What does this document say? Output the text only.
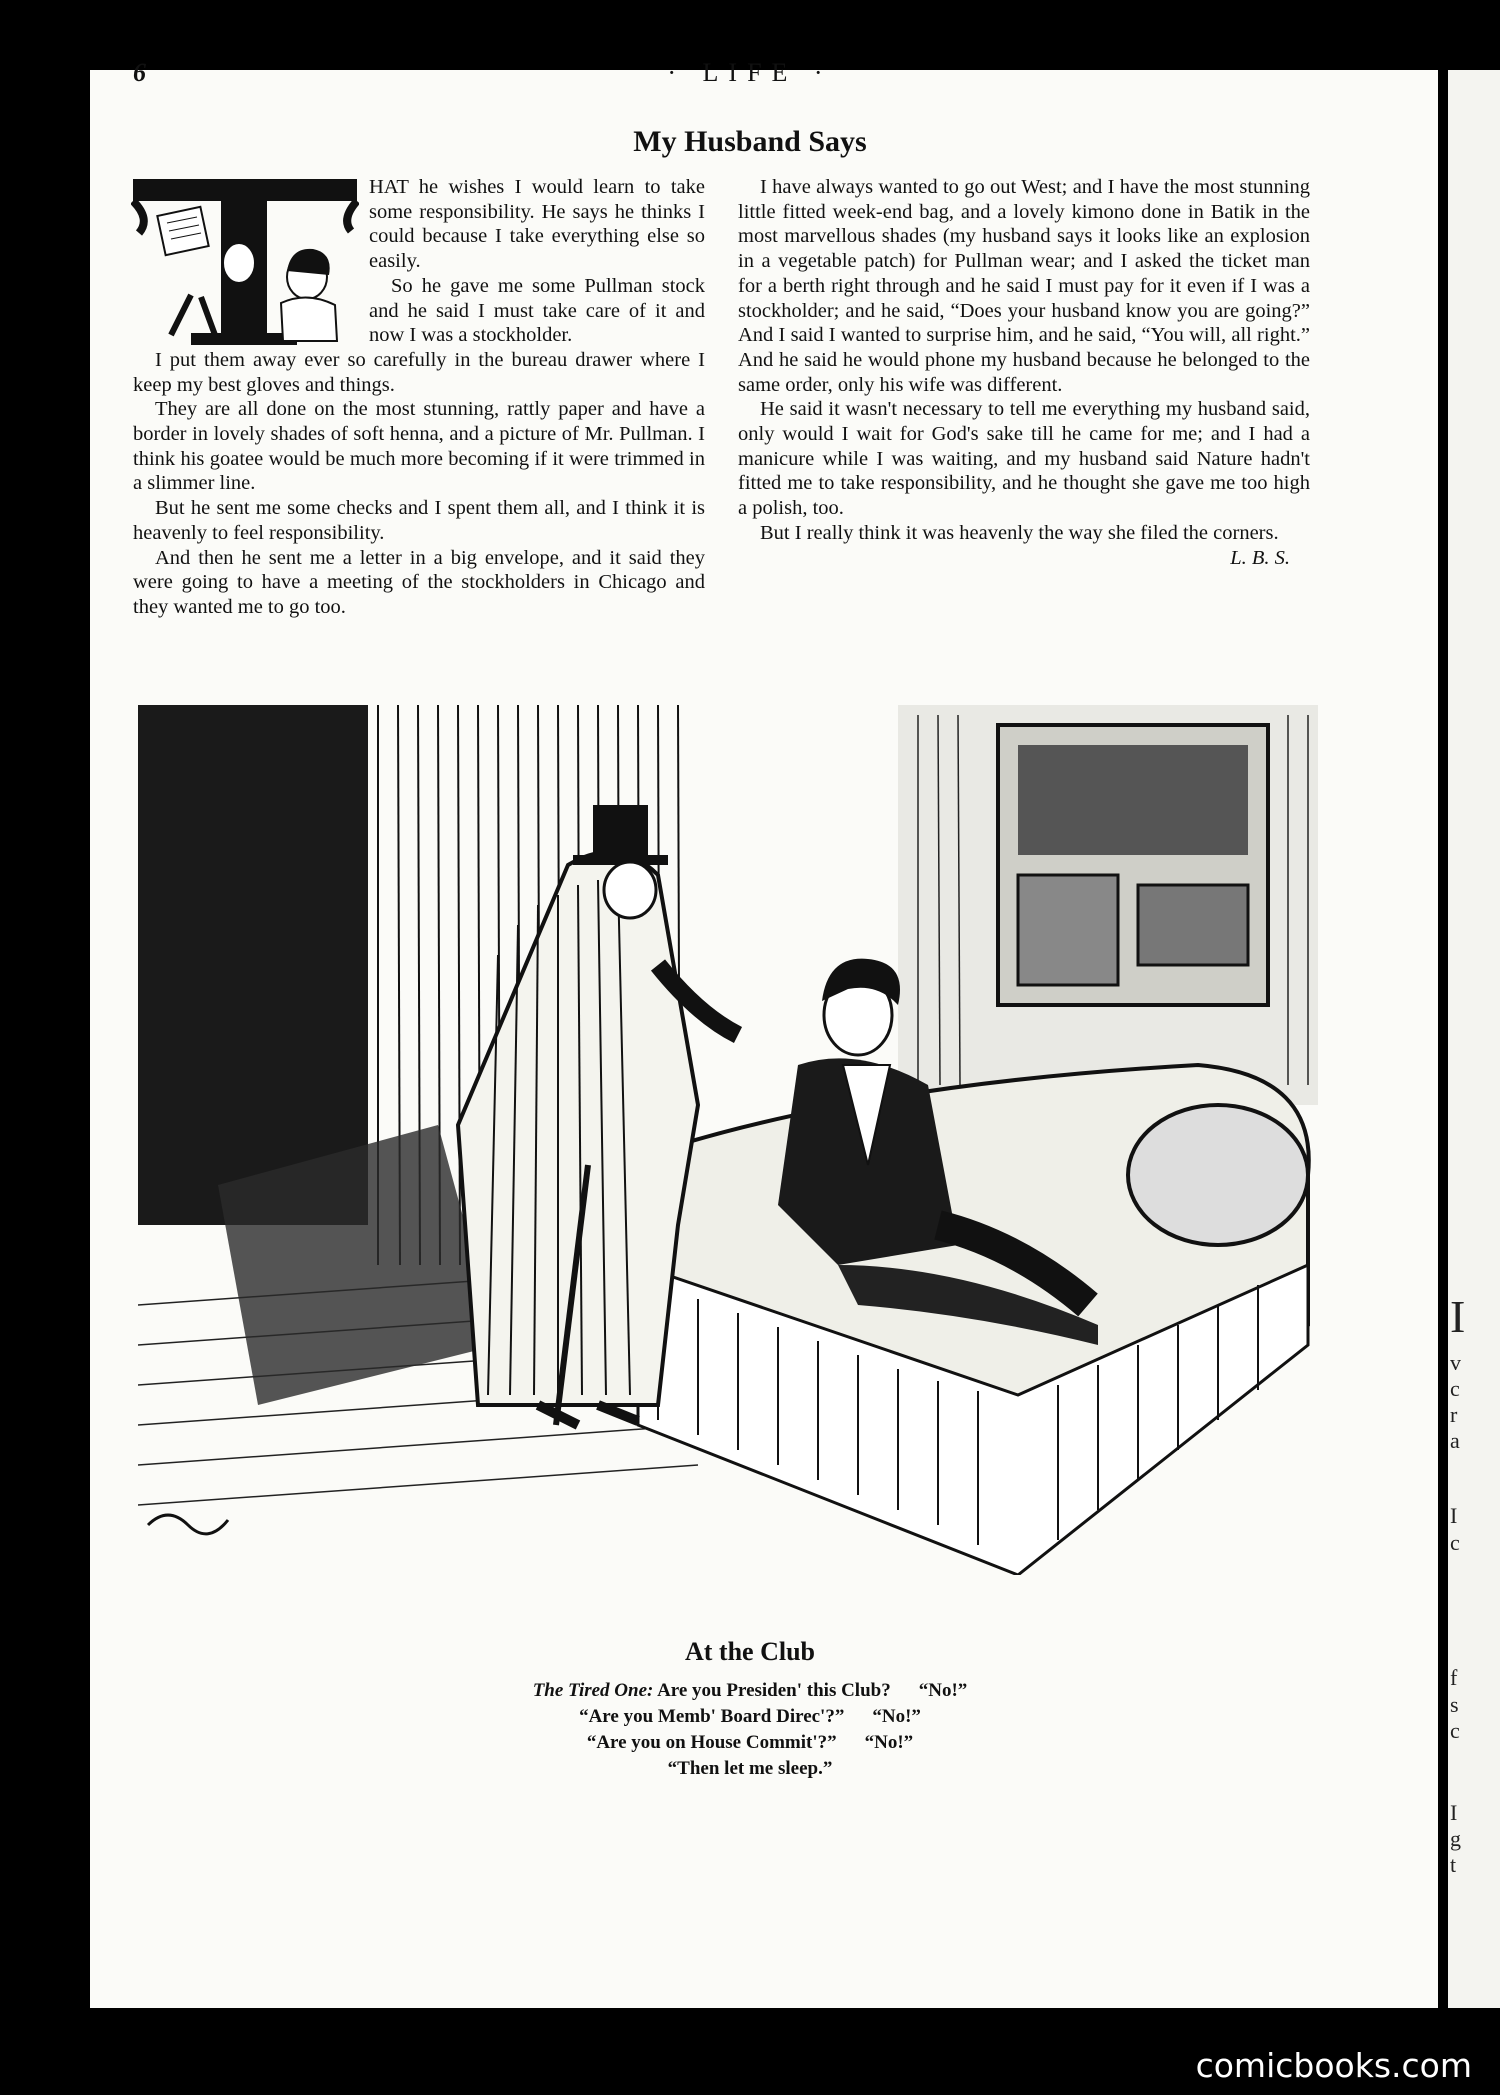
6	· LIFE ·
My Husband Says

HAT he wishes I would learn to take some responsibility. He says he thinks I could because I take everything else so easily.

So he gave me some Pullman stock and he said I must take care of it and now I was a stockholder.

I put them away ever so carefully in the bureau drawer where I keep my best gloves and things.

They are all done on the most stunning, rattly paper and have a border in lovely shades of soft henna, and a picture of Mr. Pullman. I think his goatee would be much more becoming if it were trimmed in a slimmer line.

But he sent me some checks and I spent them all, and I think it is heavenly to feel responsibility.

And then he sent me a letter in a big envelope, and it said they were going to have a meeting of the stockholders in Chicago and they wanted me to go too.

I have always wanted to go out West; and I have the most stunning little fitted week-end bag, and a lovely kimono done in Batik in the most marvellous shades (my husband says it looks like an explosion in a vegetable patch) for Pullman wear; and I asked the ticket man for a berth right through and he said I must pay for it even if I was a stockholder; and he said, “Does your husband know you are going?” And I said I wanted to surprise him, and he said, “You will, all right.” And he said he would phone my husband because he belonged to the same order, only his wife was different.

He said it wasn't necessary to tell me everything my husband said, only would I wait for God's sake till he came for me; and I had a manicure while I was waiting, and my husband said Nature hadn't fitted me to take responsibility, and he thought she gave me too high a polish, too.

But I really think it was heavenly the way she filed the corners.
L. B. S.

At the Club
The Tired One: Are you Presiden' this Club? “No!”
“Are you Memb' Board Direc'?” “No!”
“Are you on House Commit'?” “No!”
“Then let me sleep.”
I
v
c
r
a
I
c
f
s
c
I
g
t
comicbooks.com
